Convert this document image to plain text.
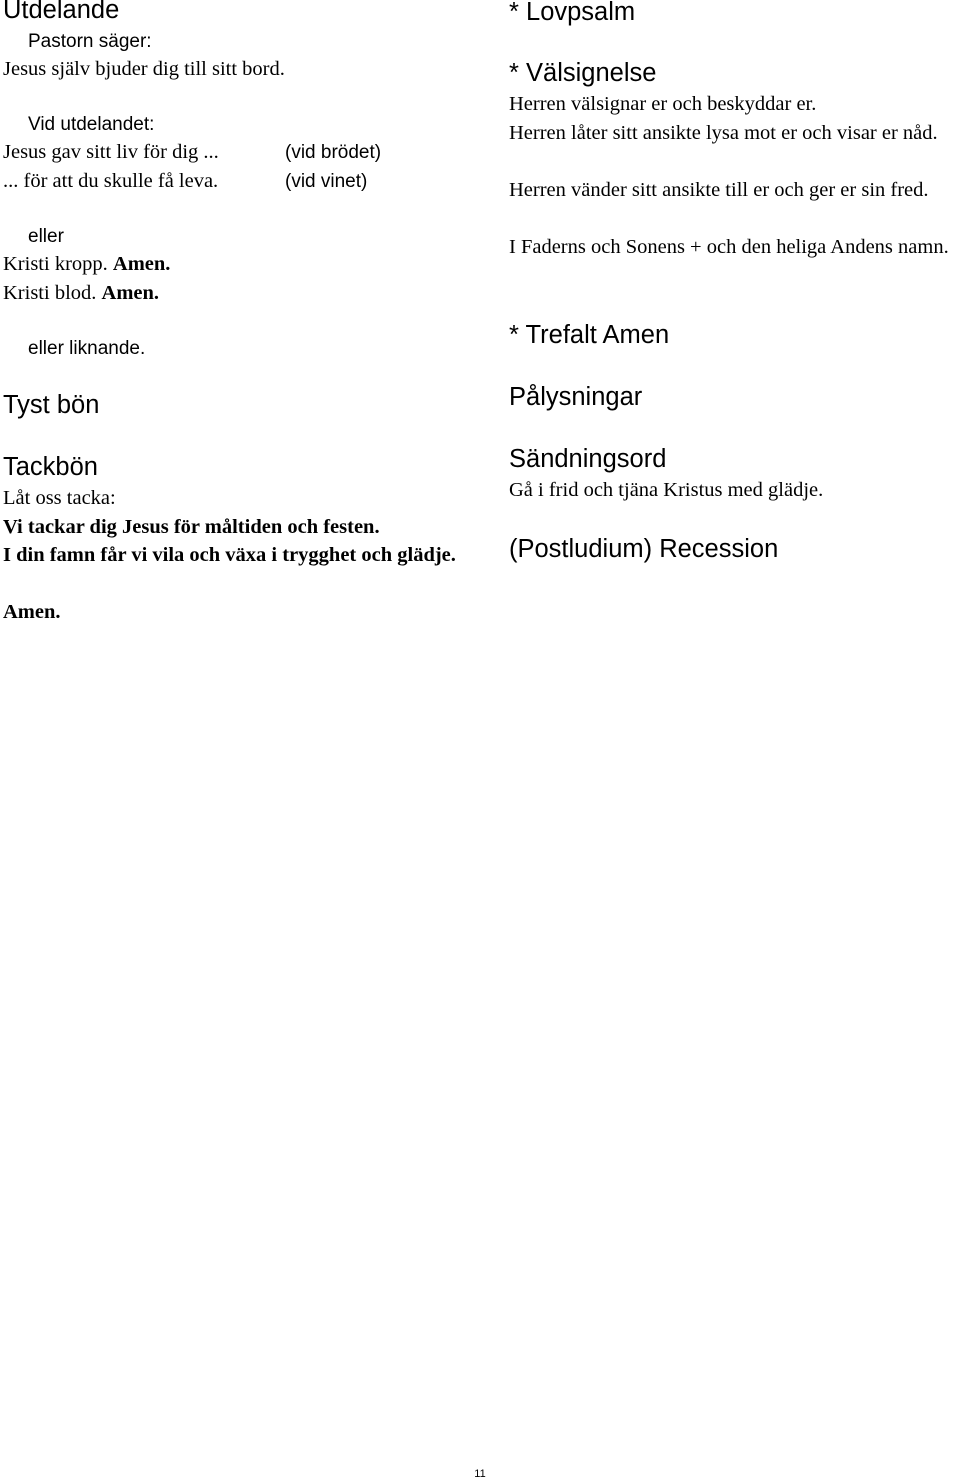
Utdelande

Pastorn säger:

Jesus själv bjuder dig till sitt bord.

Vid utdelandet:

Jesus gav sitt liv för dig ...	(vid brödet)

... för att du skulle få leva.	(vid vinet)

eller

Kristi kropp. Amen.

Kristi blod. Amen.

eller liknande.

Tyst bön
Tackbön

Låt oss tacka:

Vi tackar dig Jesus för måltiden och festen.

I din famn får vi vila och växa i trygghet och glädje.

Amen.

* Lovpsalm
* Välsignelse

Herren välsignar er och beskyddar er.

Herren låter sitt ansikte lysa mot er och visar er nåd.

Herren vänder sitt ansikte till er och ger er sin fred.

I Faderns och Sonens + och den heliga Andens namn.

* Trefalt Amen
Pålysningar
Sändningsord

Gå i frid och tjäna Kristus med glädje.

(Postludium) Recession
11
